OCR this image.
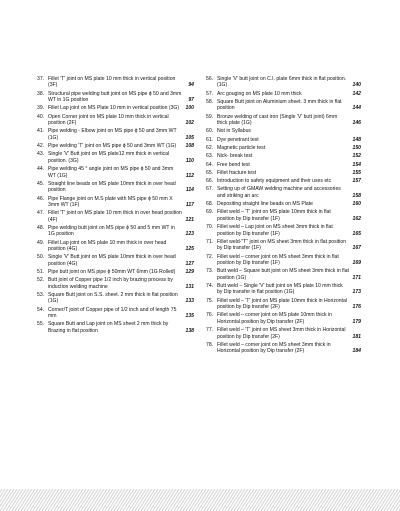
37. Fillet 'T' joint on MS plate 10 mm thick in vertical position (3F)	94
38. Structural pipe welding butt joint on MS pipe ϕ 50 and 3mm WT in 1G position	97
39. Fillet Lap joint on MS Plate 10 mm in vertical position (3G) 100
40. Open Corner joint on MS plate 10 mm thick in vertical position (2F)	102
41. Pipe welding - Elbow joint on MS pipe ϕ 50 and 3mm WT (1G)	105
42. Pipe welding 'T' joint on MS pipe ϕ 50 and 3mm WT (1G) 108
43. Single 'V' Butt joint on MS plate12 mm thick in vertical position. (3G)	110
44. Pipe welding 45 ° angle joint on MS pipe ϕ 50 and 3mm WT (1G)	112
45. Straight line beads on MS plate 10mm thick in over head position	114
46. Pipe Flange joint on M.S plate with MS pipe ϕ 50 mm X 3mm WT (1F)	117
47. Fillet 'T' joint on MS plate 10 mm thick in over head position (4F)	121
48. Pipe welding butt joint on MS pipe ϕ 50 and 5 mm WT in 1G position	123
49. Fillet Lap joint on MS plate 10 mm thick in over head position (4G)	125
50. Single 'V' Butt joint on MS plate 10mm thick in over head position (4G)	127
51. Pipe butt joint on MS pipe ϕ 50mm WT 6mm (1G Rolled) 129
52. Butt joint of Copper pipe 1/2 inch by brazing process by induction welding machine	131
53. Square Butt joint on S.S. sheet. 2 mm thick in flat position (1G)	133
54. Corner/T joint of Copper pipe of 1/2 inch and of length 75 mm	135
55. Square Butt and Lap joint on MS sheet 2 mm thick by Brazing in flat position	138
56. Single 'V' butt joint on C.I. plate 6mm thick in flat position. (1G)	140
57. Arc gouging on MS plate 10 mm thick	142
58. Square Butt joint on Aluminium sheet. 3 mm thick in flat position	144
59. Bronze welding of cast iron (Single 'V' butt joint) 6mm thick plate (1G)	146
60. Not in Syllabus
61. Dye penetrant test	148
62. Magnetic particle test	150
63. Nick- break test	152
64. Free bend test	154
65. Fillet fracture test	155
66. Introduction to safety equipment and their uses etc	157
67. Setting up of GMAW welding machine and accessories and striking an arc	158
68. Depositing straight line beads on MS Plate	160
69. Fillet weld – 'T' joint on MS plate 10mm thick in flat position by Dip transfer (1F)	162
70. Fillet weld – Lap joint on MS sheet 3mm thick in flat position by Dip transfer (1F)	165
71. Fillet weld-"T" joint on MS sheet 3mm thick in flat position by Dip transfer (1F)	167
72. Fillet weld – corner joint on MS sheet 3mm thick in flat position by Dip transfer (1F)	169
73. Butt weld – Square butt joint on MS sheet 3mm thick in flat position (1G)	171
74. Butt weld – Single 'V' butt joint on MS plate 10 mm thick by Dip transfer in flat position (1G)	173
75. Fillet weld – 'T' joint on MS plate 10mm thick in Horizontal position by Dip transfer (2F)	176
76. Fillet weld – corner joint on MS plate 10mm thick in Horizontal position by Dip transfer (2F)	179
77. Fillet weld – 'T' joint on MS sheet 3mm thick in Horizontal position by Dip transfer (2F)	181
78. Fillet weld – corner joint on MS sheet 3mm thick in Horizontal position by Dip transfer (2F)	184
